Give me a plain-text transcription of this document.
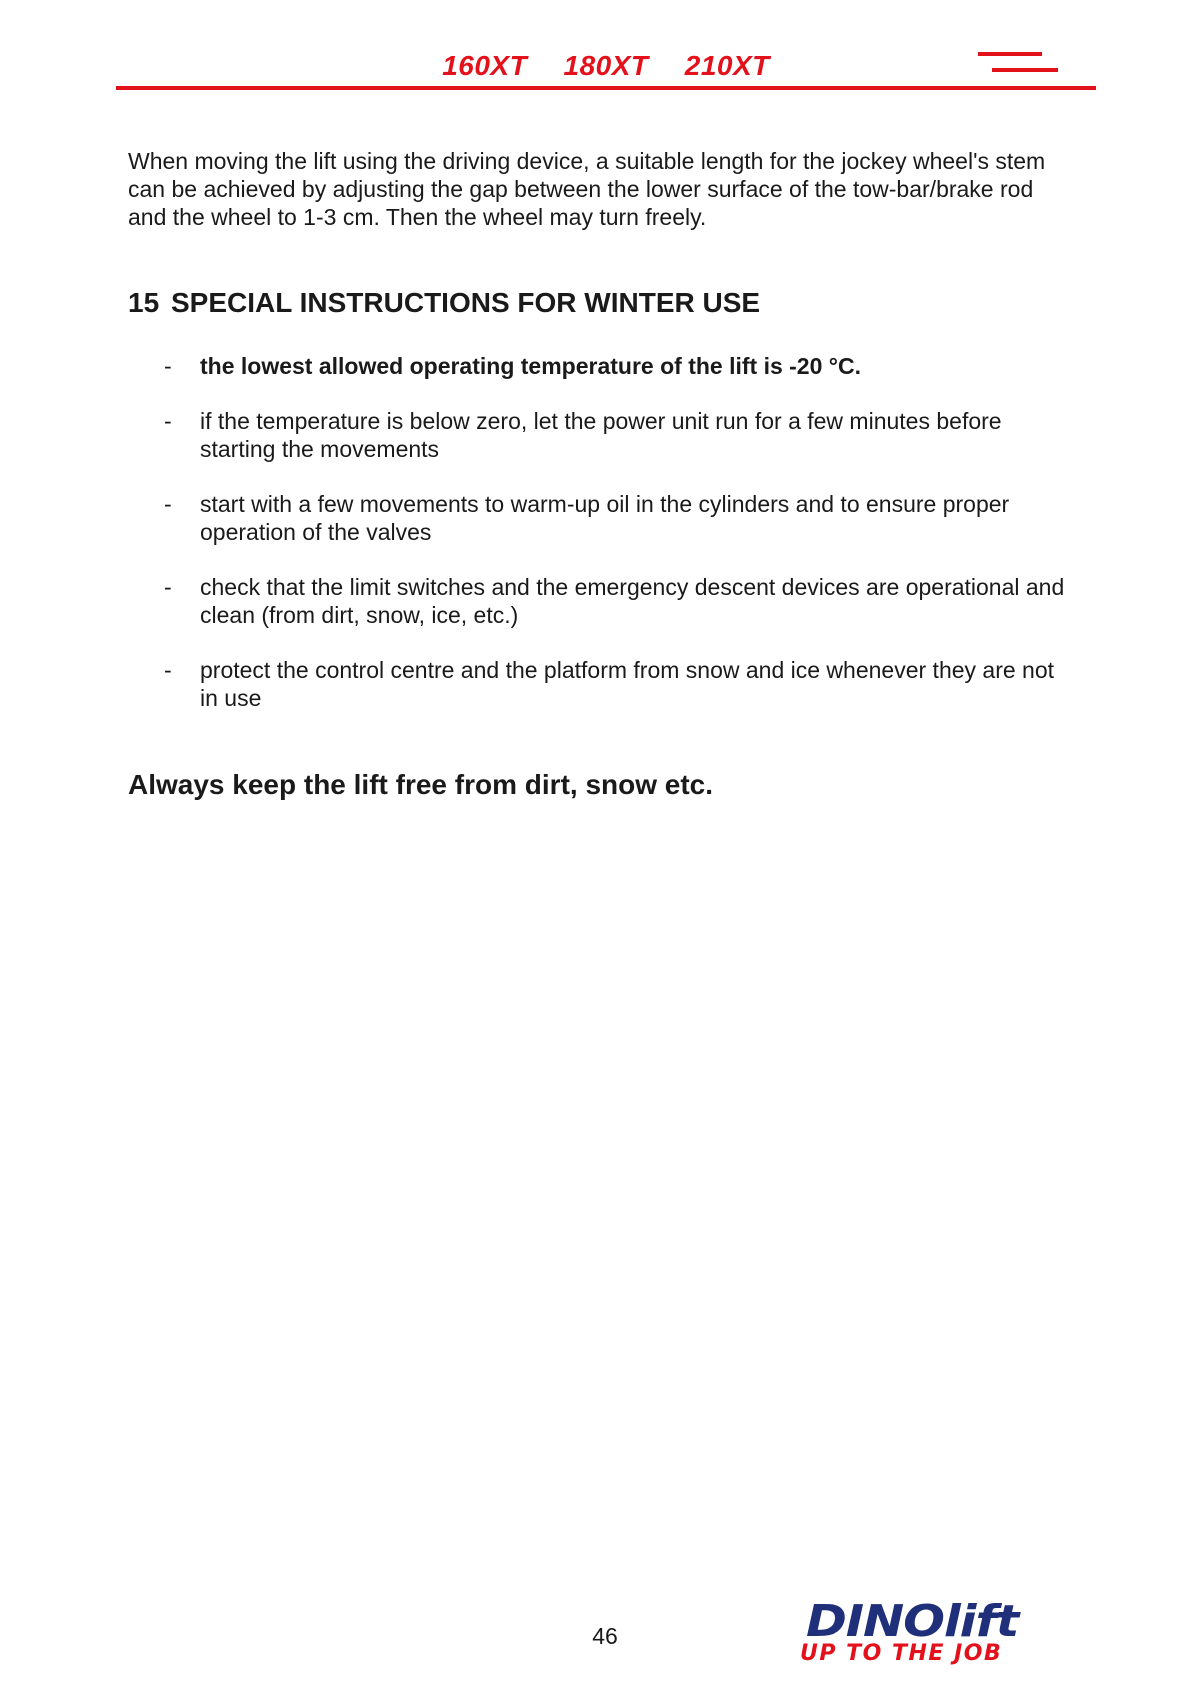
160XT 180XT 210XT

When moving the lift using the driving device, a suitable length for the jockey wheel's stem can be achieved by adjusting the gap between the lower surface of the tow-bar/brake rod and the wheel to 1-3 cm. Then the wheel may turn freely.

15 SPECIAL INSTRUCTIONS FOR WINTER USE
- the lowest allowed operating temperature of the lift is -20 °C.
- if the temperature is below zero, let the power unit run for a few minutes before starting the movements
- start with a few movements to warm-up oil in the cylinders and to ensure proper operation of the valves
- check that the limit switches and the emergency descent devices are operational and clean (from dirt, snow, ice, etc.)
- protect the control centre and the platform from snow and ice whenever they are not in use
Always keep the lift free from dirt, snow etc.
46	DINOlift
UP TO THE JOB
